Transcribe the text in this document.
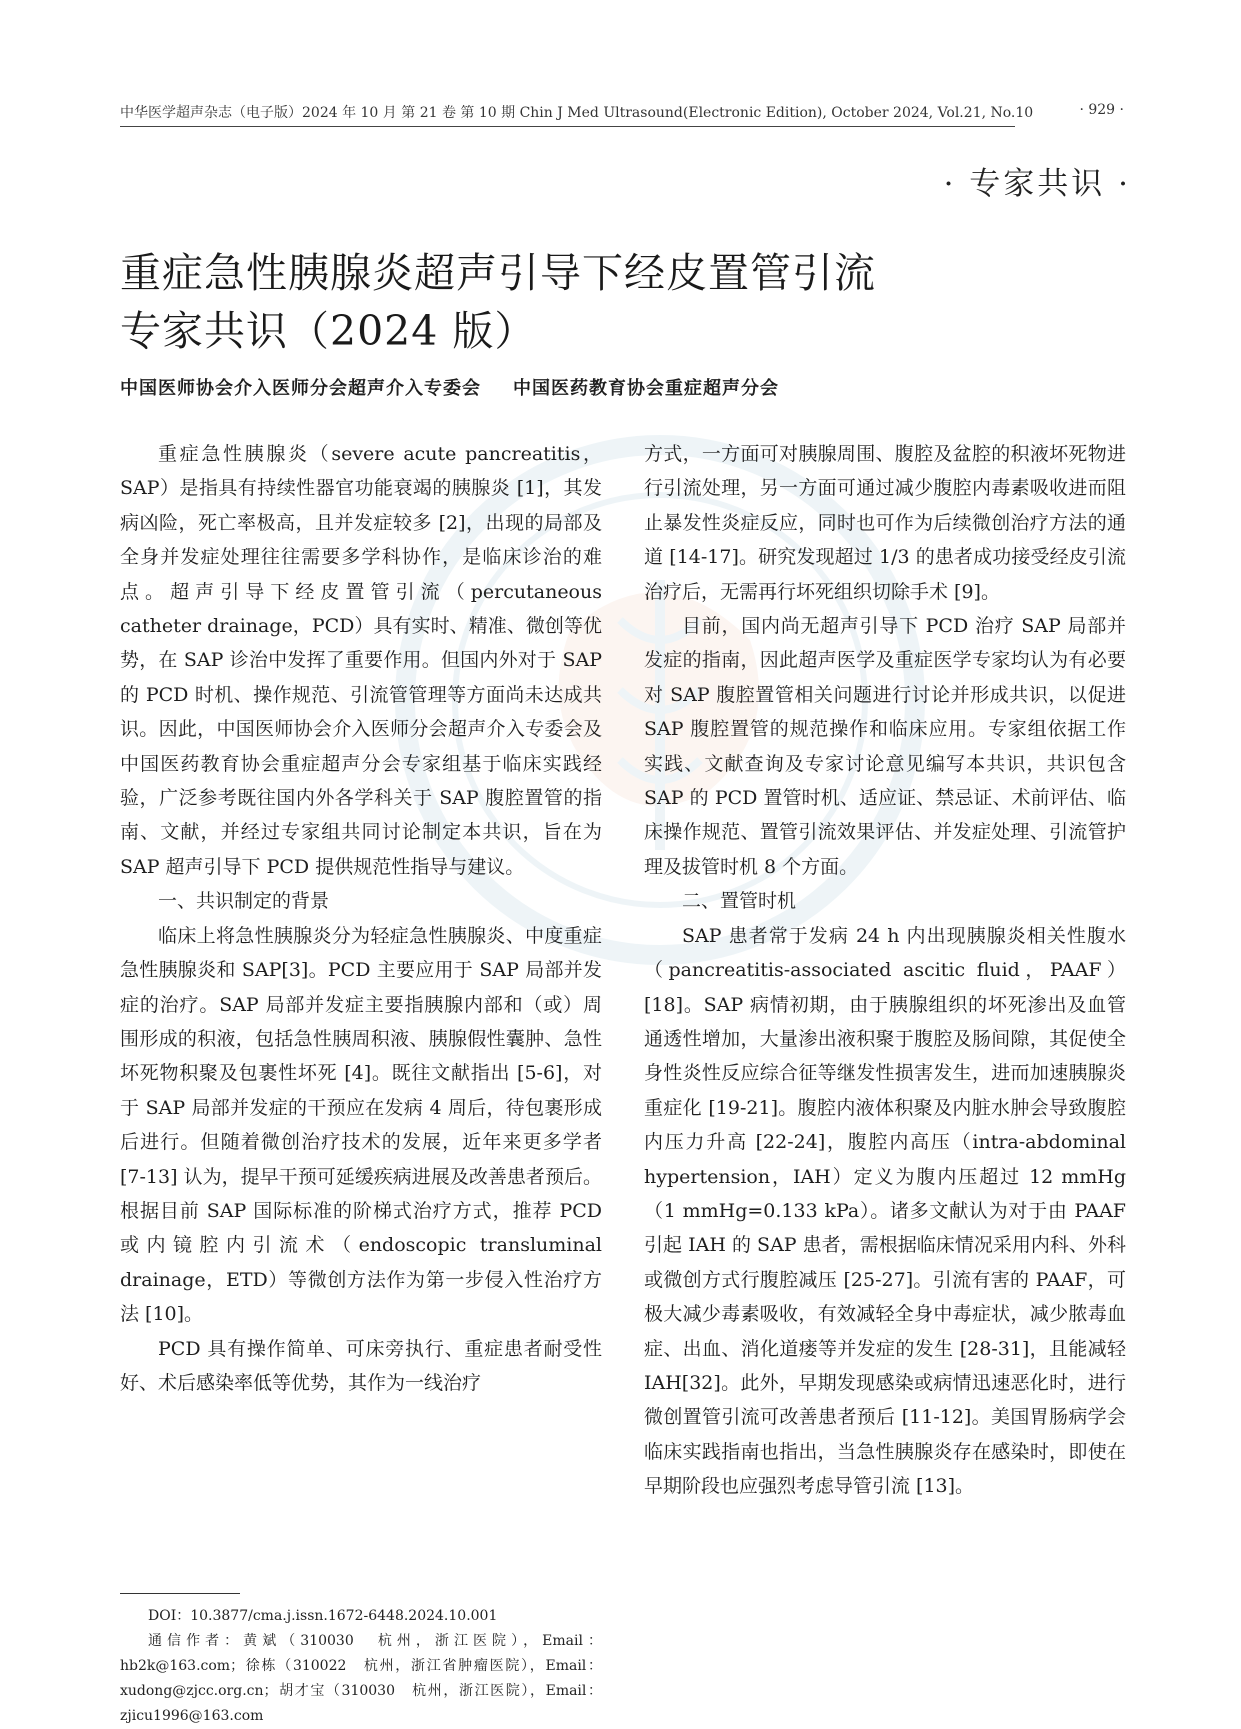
中华医学超声杂志（电子版）2024 年 10 月 第 21 卷 第 10 期 Chin J Med Ultrasound(Electronic Edition), October 2024, Vol.21, No.10	· 929 ·
· 专家共识 ·
重症急性胰腺炎超声引导下经皮置管引流
专家共识（2024 版）
中国医师协会介入医师分会超声介入专委会 中国医药教育协会重症超声分会

重症急性胰腺炎（severe acute pancreatitis，SAP）是指具有持续性器官功能衰竭的胰腺炎 [1]，其发病凶险，死亡率极高，且并发症较多 [2]，出现的局部及全身并发症处理往往需要多学科协作，是临床诊治的难点。超声引导下经皮置管引流（percutaneous catheter drainage，PCD）具有实时、精准、微创等优势，在 SAP 诊治中发挥了重要作用。但国内外对于 SAP 的 PCD 时机、操作规范、引流管管理等方面尚未达成共识。因此，中国医师协会介入医师分会超声介入专委会及中国医药教育协会重症超声分会专家组基于临床实践经验，广泛参考既往国内外各学科关于 SAP 腹腔置管的指南、文献，并经过专家组共同讨论制定本共识，旨在为 SAP 超声引导下 PCD 提供规范性指导与建议。

一、共识制定的背景

临床上将急性胰腺炎分为轻症急性胰腺炎、中度重症急性胰腺炎和 SAP[3]。PCD 主要应用于 SAP 局部并发症的治疗。SAP 局部并发症主要指胰腺内部和（或）周围形成的积液，包括急性胰周积液、胰腺假性囊肿、急性坏死物积聚及包裹性坏死 [4]。既往文献指出 [5-6]，对于 SAP 局部并发症的干预应在发病 4 周后，待包裹形成后进行。但随着微创治疗技术的发展，近年来更多学者 [7-13] 认为，提早干预可延缓疾病进展及改善患者预后。根据目前 SAP 国际标准的阶梯式治疗方式，推荐 PCD 或内镜腔内引流术（endoscopic transluminal drainage，ETD）等微创方法作为第一步侵入性治疗方法 [10]。

PCD 具有操作简单、可床旁执行、重症患者耐受性好、术后感染率低等优势，其作为一线治疗

方式，一方面可对胰腺周围、腹腔及盆腔的积液坏死物进行引流处理，另一方面可通过减少腹腔内毒素吸收进而阻止暴发性炎症反应，同时也可作为后续微创治疗方法的通道 [14-17]。研究发现超过 1/3 的患者成功接受经皮引流治疗后，无需再行坏死组织切除手术 [9]。

目前，国内尚无超声引导下 PCD 治疗 SAP 局部并发症的指南，因此超声医学及重症医学专家均认为有必要对 SAP 腹腔置管相关问题进行讨论并形成共识，以促进 SAP 腹腔置管的规范操作和临床应用。专家组依据工作实践、文献查询及专家讨论意见编写本共识，共识包含 SAP 的 PCD 置管时机、适应证、禁忌证、术前评估、临床操作规范、置管引流效果评估、并发症处理、引流管护理及拔管时机 8 个方面。

二、置管时机

SAP 患者常于发病 24 h 内出现胰腺炎相关性腹水（pancreatitis-associated ascitic fluid，PAAF）[18]。SAP 病情初期，由于胰腺组织的坏死渗出及血管通透性增加，大量渗出液积聚于腹腔及肠间隙，其促使全身性炎性反应综合征等继发性损害发生，进而加速胰腺炎重症化 [19-21]。腹腔内液体积聚及内脏水肿会导致腹腔内压力升高 [22-24]，腹腔内高压（intra-abdominal hypertension，IAH）定义为腹内压超过 12 mmHg（1 mmHg=0.133 kPa）。诸多文献认为对于由 PAAF 引起 IAH 的 SAP 患者，需根据临床情况采用内科、外科或微创方式行腹腔减压 [25-27]。引流有害的 PAAF，可极大减少毒素吸收，有效减轻全身中毒症状，减少脓毒血症、出血、消化道瘘等并发症的发生 [28-31]，且能减轻 IAH[32]。此外，早期发现感染或病情迅速恶化时，进行微创置管引流可改善患者预后 [11-12]。美国胃肠病学会临床实践指南也指出，当急性胰腺炎存在感染时，即使在早期阶段也应强烈考虑导管引流 [13]。

DOI：10.3877/cma.j.issn.1672-6448.2024.10.001

通信作者：黄斌（310030　杭州，浙江医院），Email：hb2k@163.com；徐栋（310022　杭州，浙江省肿瘤医院），Email：xudong@zjcc.org.cn；胡才宝（310030　杭州，浙江医院），Email：zjicu1996@163.com
